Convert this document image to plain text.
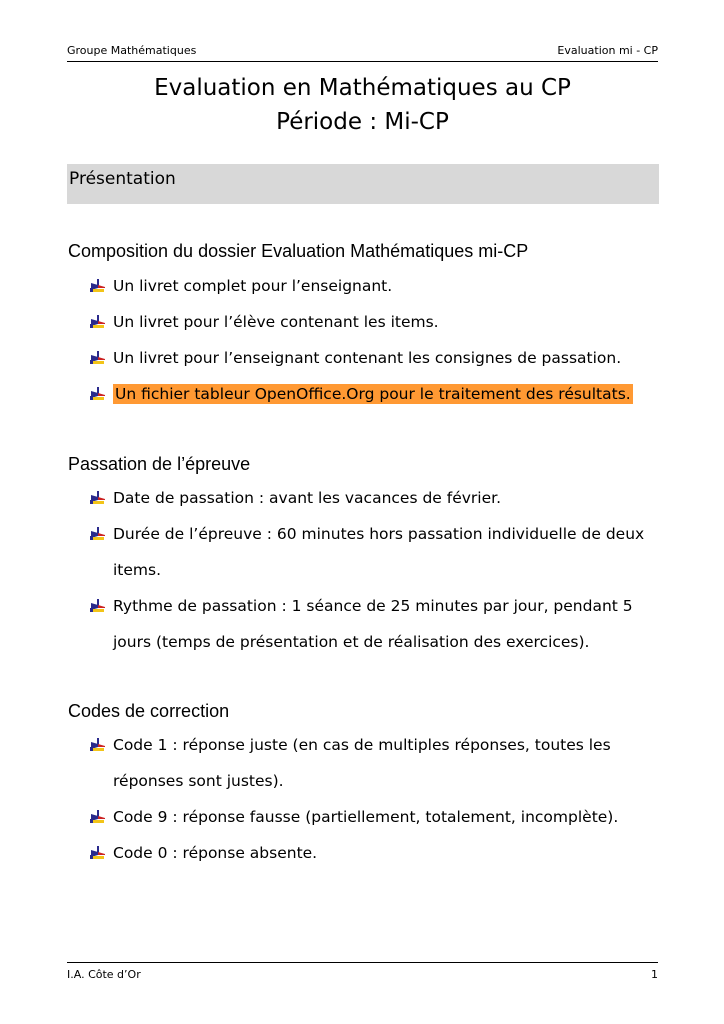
Groupe Mathématiques	Evaluation mi - CP
Evaluation en Mathématiques au CP
Période : Mi-CP
Présentation
Composition du dossier Evaluation Mathématiques mi-CP
Un livret complet pour l’enseignant.
Un livret pour l’élève contenant les items.
Un livret pour l’enseignant contenant les consignes de passation.
Un fichier tableur OpenOffice.Org pour le traitement des résultats.
Passation de l’épreuve
Date de passation : avant les vacances de février.
Durée de l’épreuve : 60 minutes hors passation individuelle de deux
items.
Rythme de passation : 1 séance de 25 minutes par jour, pendant 5
jours (temps de présentation et de réalisation des exercices).
Codes de correction
Code 1 : réponse juste (en cas de multiples réponses, toutes les
réponses sont justes).
Code 9 : réponse fausse (partiellement, totalement, incomplète).
Code 0 : réponse absente.
I.A. Côte d’Or	1
